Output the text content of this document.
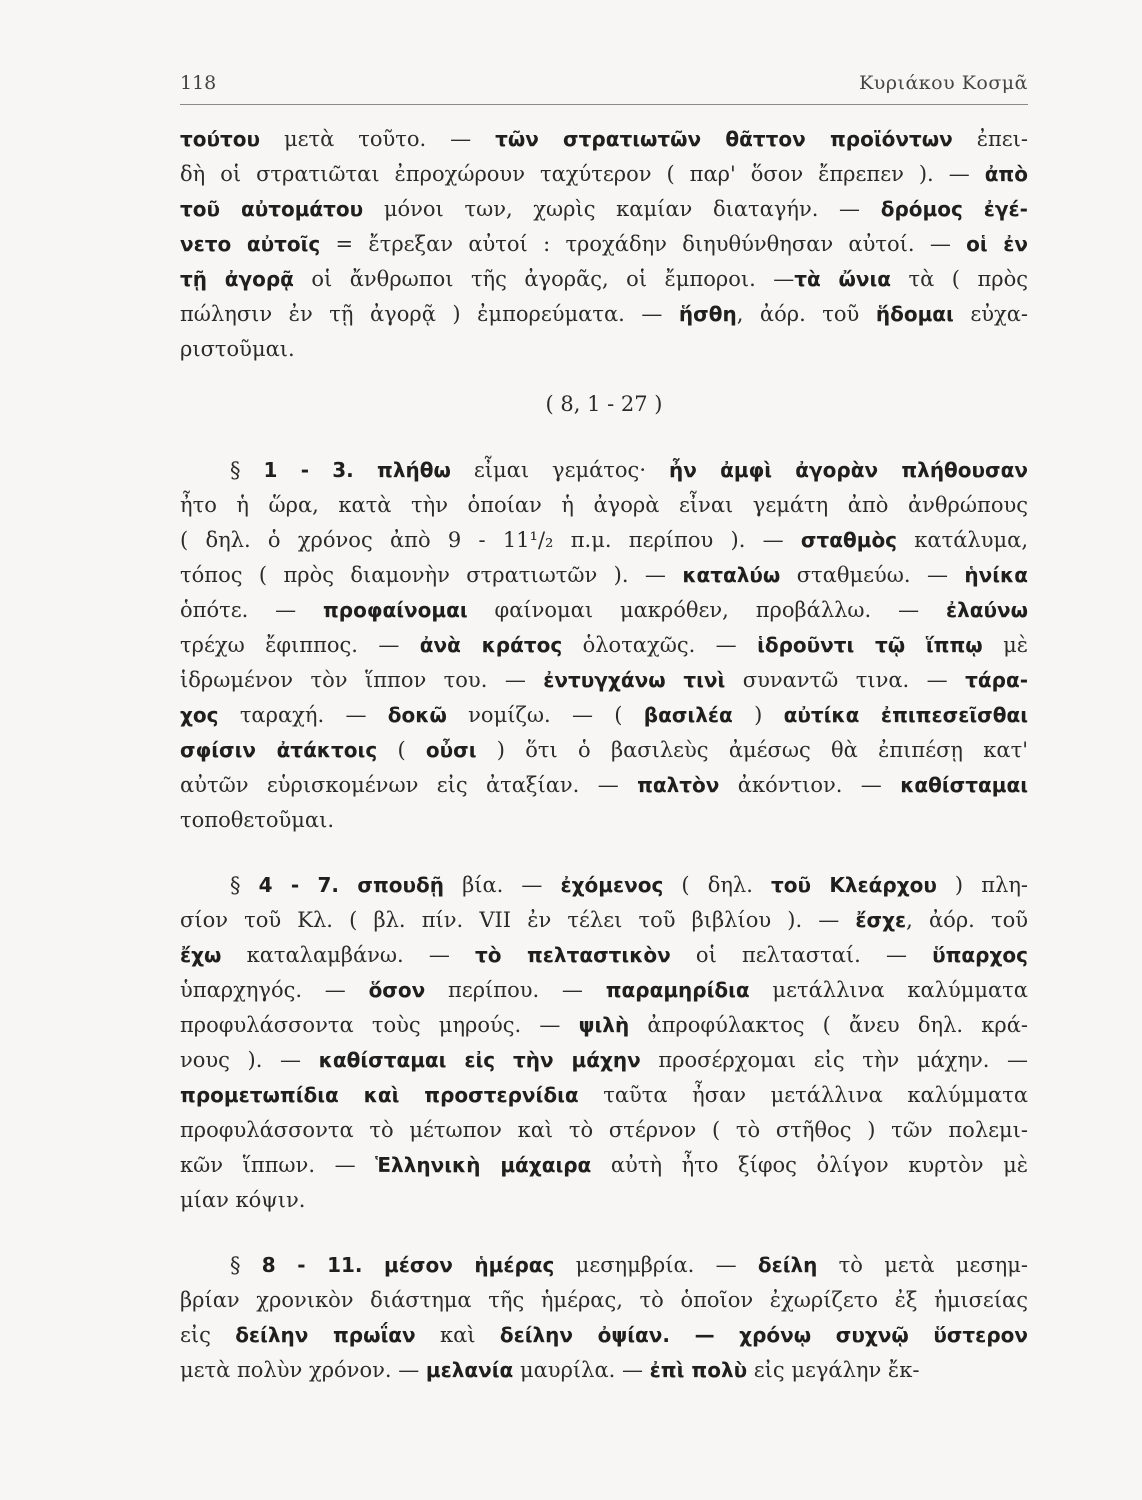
118	Κυριάκου Κοσμᾶ
τούτου μετὰ τοῦτο. — τῶν στρατιωτῶν θᾶττον προϊόντων ἐπει-
δὴ οἱ στρατιῶται ἐπροχώρουν ταχύτερον ( παρ' ὅσον ἔπρεπεν ). — ἀπὸ
τοῦ αὐτομάτου μόνοι των, χωρὶς καμίαν διαταγήν. — δρόμος ἐγέ-
νετο αὐτοῖς = ἔτρεξαν αὐτοί : τροχάδην διηυθύνθησαν αὐτοί. — οἱ ἐν
τῇ ἀγορᾷ οἱ ἄνθρωποι τῆς ἀγορᾶς, οἱ ἔμποροι. —τὰ ὤνια τὰ ( πρὸς
πώλησιν ἐν τῇ ἀγορᾷ ) ἐμπορεύματα. — ἥσθη, ἀόρ. τοῦ ἥδομαι εὐχα-
ριστοῦμαι.
( 8, 1 - 27 )
§ 1 - 3. πλήθω εἶμαι γεμάτος· ἦν ἀμφὶ ἀγορὰν πλήθουσαν
ἦτο ἡ ὥρα, κατὰ τὴν ὁποίαν ἡ ἀγορὰ εἶναι γεμάτη ἀπὸ ἀνθρώπους
( δηλ. ὁ χρόνος ἀπὸ 9 - 11¹/₂ π.μ. περίπου ). — σταθμὸς κατάλυμα,
τόπος ( πρὸς διαμονὴν στρατιωτῶν ). — καταλύω σταθμεύω. — ἡνίκα
ὁπότε. — προφαίνομαι φαίνομαι μακρόθεν, προβάλλω. — ἐλαύνω
τρέχω ἔφιππος. — ἀνὰ κράτος ὁλοταχῶς. — ἱδροῦντι τῷ ἵππῳ μὲ
ἱδρωμένον τὸν ἵππον του. — ἐντυγχάνω τινὶ συναντῶ τινα. — τάρα-
χος ταραχή. — δοκῶ νομίζω. — ( βασιλέα ) αὐτίκα ἐπιπεσεῖσθαι
σφίσιν ἀτάκτοις ( οὖσι ) ὅτι ὁ βασιλεὺς ἀμέσως θὰ ἐπιπέσῃ κατ'
αὐτῶν εὑρισκομένων εἰς ἀταξίαν. — παλτὸν ἀκόντιον. — καθίσταμαι
τοποθετοῦμαι.
§ 4 - 7. σπουδῇ βία. — ἐχόμενος ( δηλ. τοῦ Κλεάρχου ) πλη-
σίον τοῦ Κλ. ( βλ. πίν. VII ἐν τέλει τοῦ βιβλίου ). — ἔσχε, ἀόρ. τοῦ
ἔχω καταλαμβάνω. — τὸ πελταστικὸν οἱ πελτασταί. — ὕπαρχος
ὑπαρχηγός. — ὅσον περίπου. — παραμηρίδια μετάλλινα καλύμματα
προφυλάσσοντα τοὺς μηρούς. — ψιλὴ ἀπροφύλακτος ( ἄνευ δηλ. κρά-
νους ). — καθίσταμαι εἰς τὴν μάχην προσέρχομαι εἰς τὴν μάχην. —
προμετωπίδια καὶ προστερνίδια ταῦτα ἦσαν μετάλλινα καλύμματα
προφυλάσσοντα τὸ μέτωπον καὶ τὸ στέρνον ( τὸ στῆθος ) τῶν πολεμι-
κῶν ἵππων. — Ἑλληνικὴ μάχαιρα αὐτὴ ἦτο ξίφος ὀλίγον κυρτὸν μὲ
μίαν κόψιν.
§ 8 - 11. μέσον ἡμέρας μεσημβρία. — δείλη τὸ μετὰ μεσημ-
βρίαν χρονικὸν διάστημα τῆς ἡμέρας, τὸ ὁποῖον ἐχωρίζετο ἐξ ἡμισείας
εἰς δείλην πρωΐαν καὶ δείλην ὀψίαν. — χρόνῳ συχνῷ ὕστερον
μετὰ πολὺν χρόνον. — μελανία μαυρίλα. — ἐπὶ πολὺ εἰς μεγάλην ἔκ-
